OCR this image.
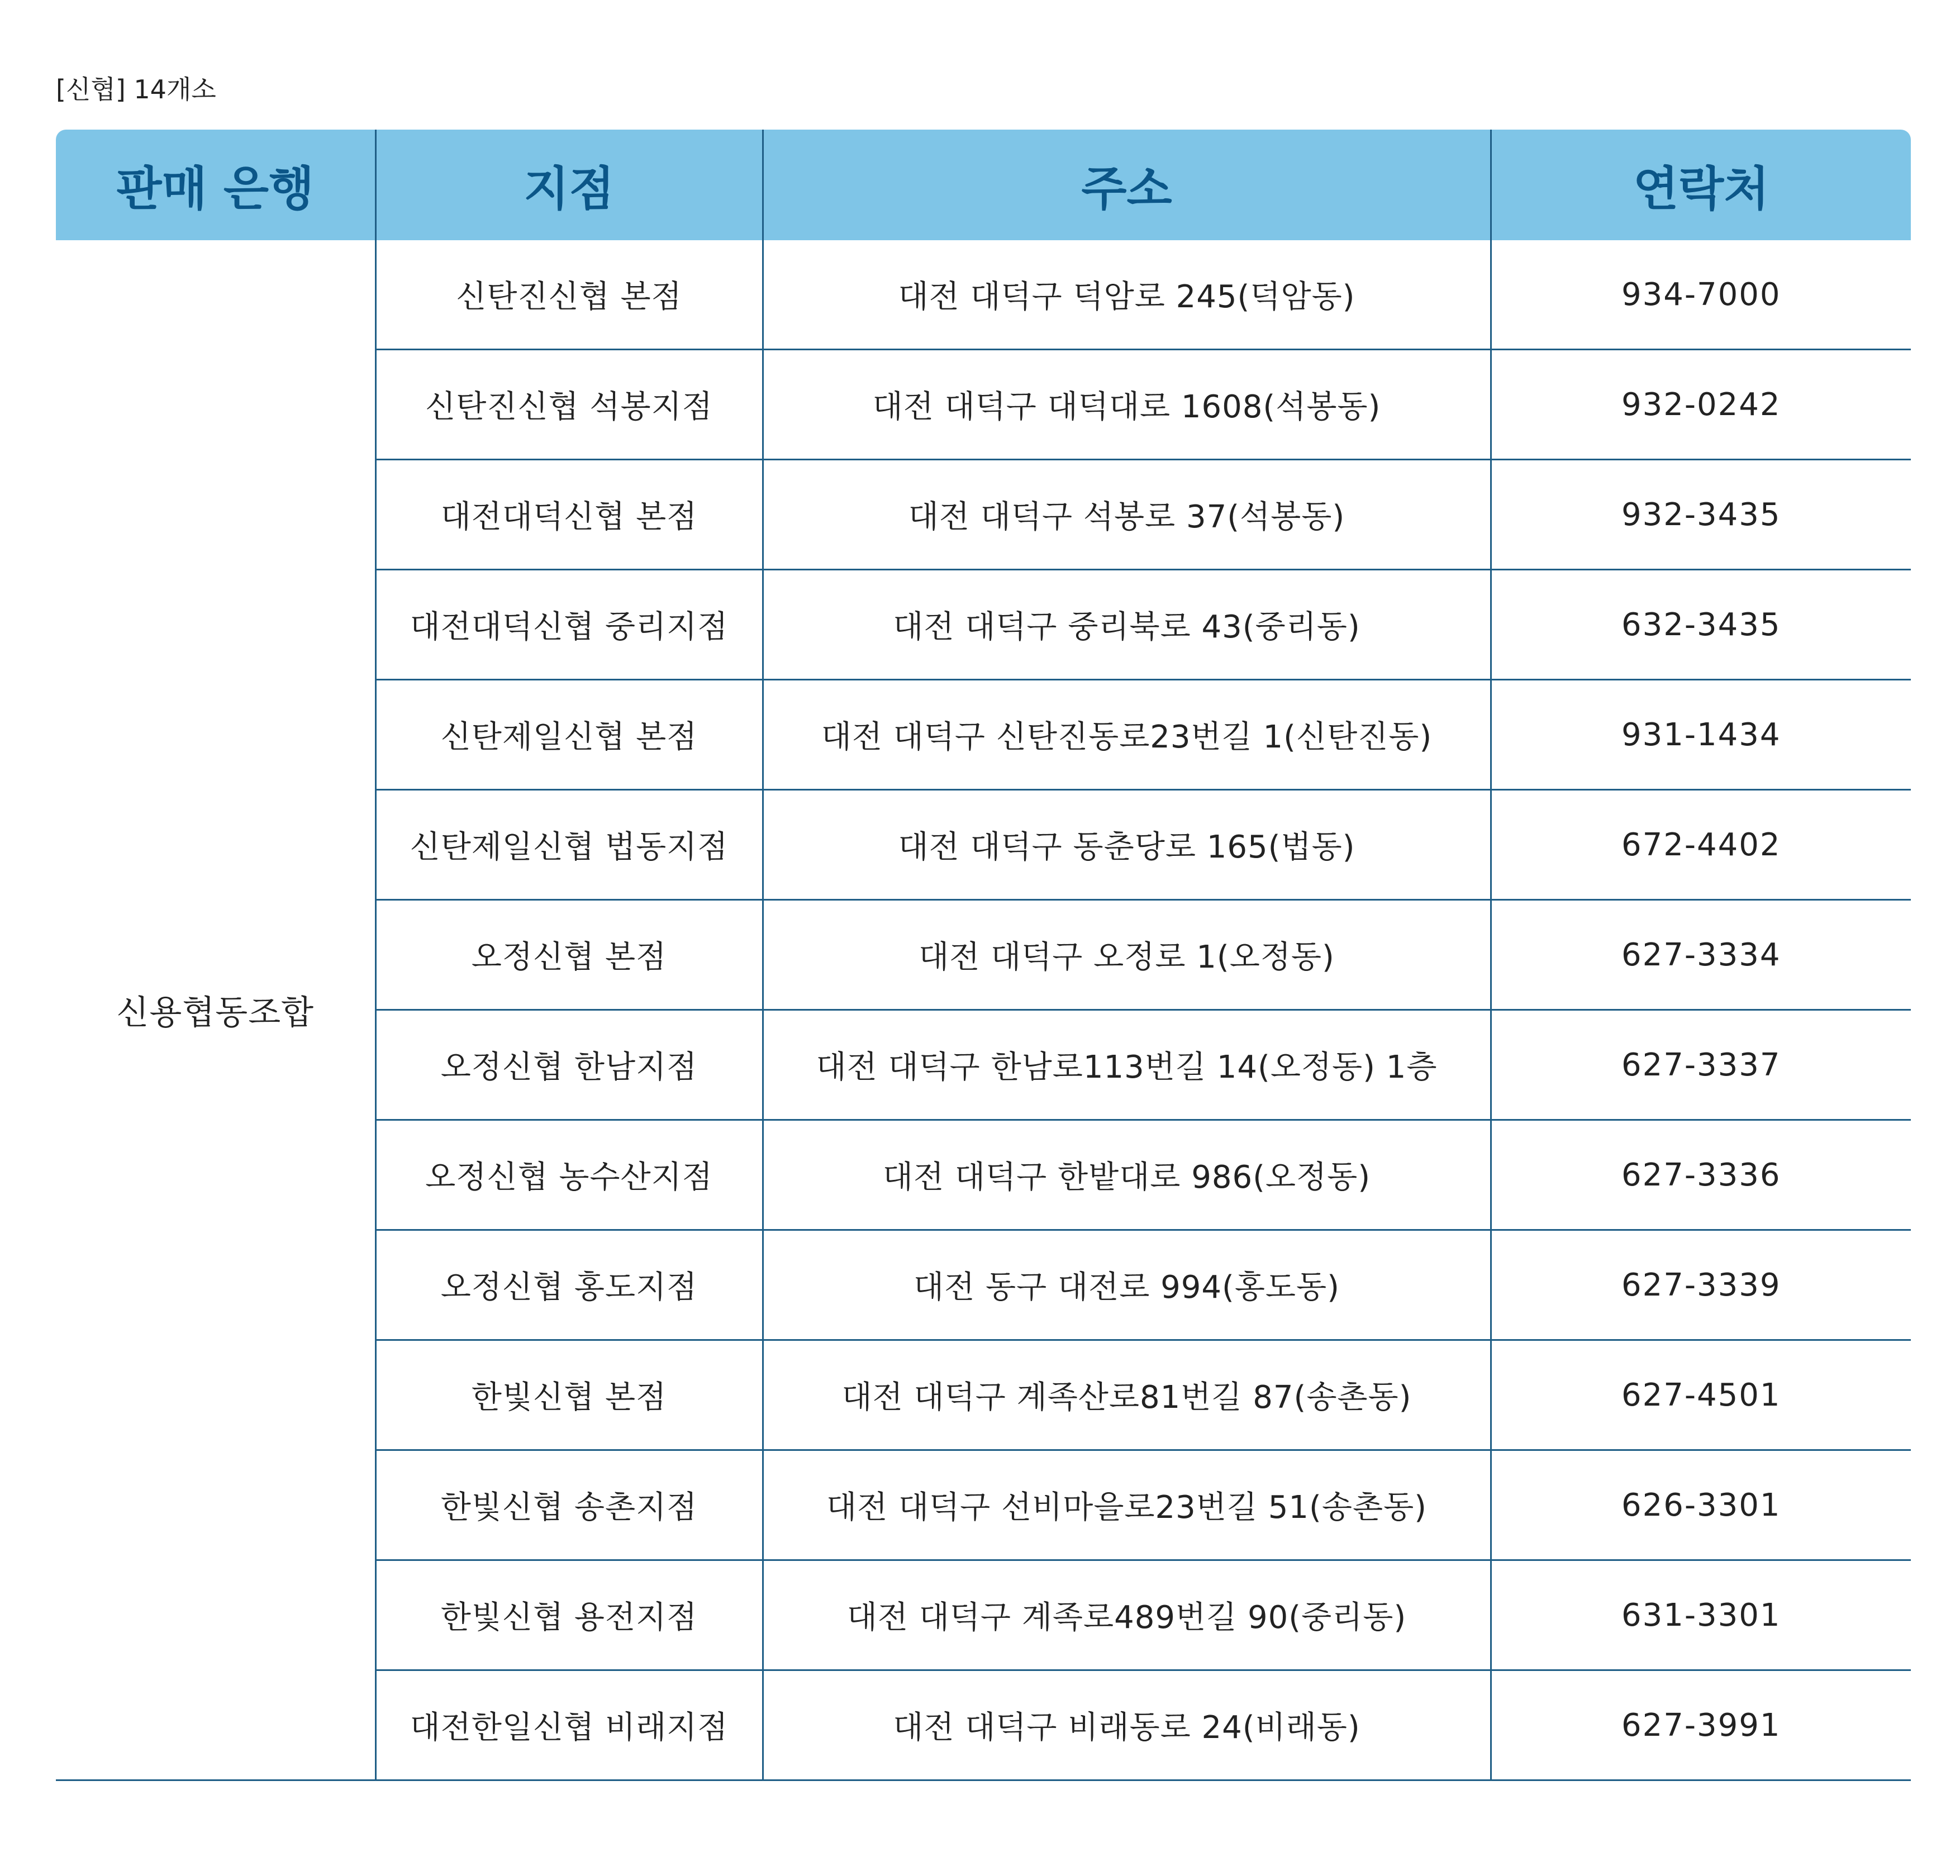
[신협] 14개소
판매 은행	지점	주소	연락처
신용협동조합	신탄진신협 본점	대전 대덕구 덕암로 245(덕암동)	934-7000
	신탄진신협 석봉지점	대전 대덕구 대덕대로 1608(석봉동)	932-0242
	대전대덕신협 본점	대전 대덕구 석봉로 37(석봉동)	932-3435
	대전대덕신협 중리지점	대전 대덕구 중리북로 43(중리동)	632-3435
	신탄제일신협 본점	대전 대덕구 신탄진동로23번길 1(신탄진동)	931-1434
	신탄제일신협 법동지점	대전 대덕구 동춘당로 165(법동)	672-4402
	오정신협 본점	대전 대덕구 오정로 1(오정동)	627-3334
	오정신협 한남지점	대전 대덕구 한남로113번길 14(오정동) 1층	627-3337
	오정신협 농수산지점	대전 대덕구 한밭대로 986(오정동)	627-3336
	오정신협 홍도지점	대전 동구 대전로 994(홍도동)	627-3339
	한빛신협 본점	대전 대덕구 계족산로81번길 87(송촌동)	627-4501
	한빛신협 송촌지점	대전 대덕구 선비마을로23번길 51(송촌동)	626-3301
	한빛신협 용전지점	대전 대덕구 계족로489번길 90(중리동)	631-3301
	대전한일신협 비래지점	대전 대덕구 비래동로 24(비래동)	627-3991
